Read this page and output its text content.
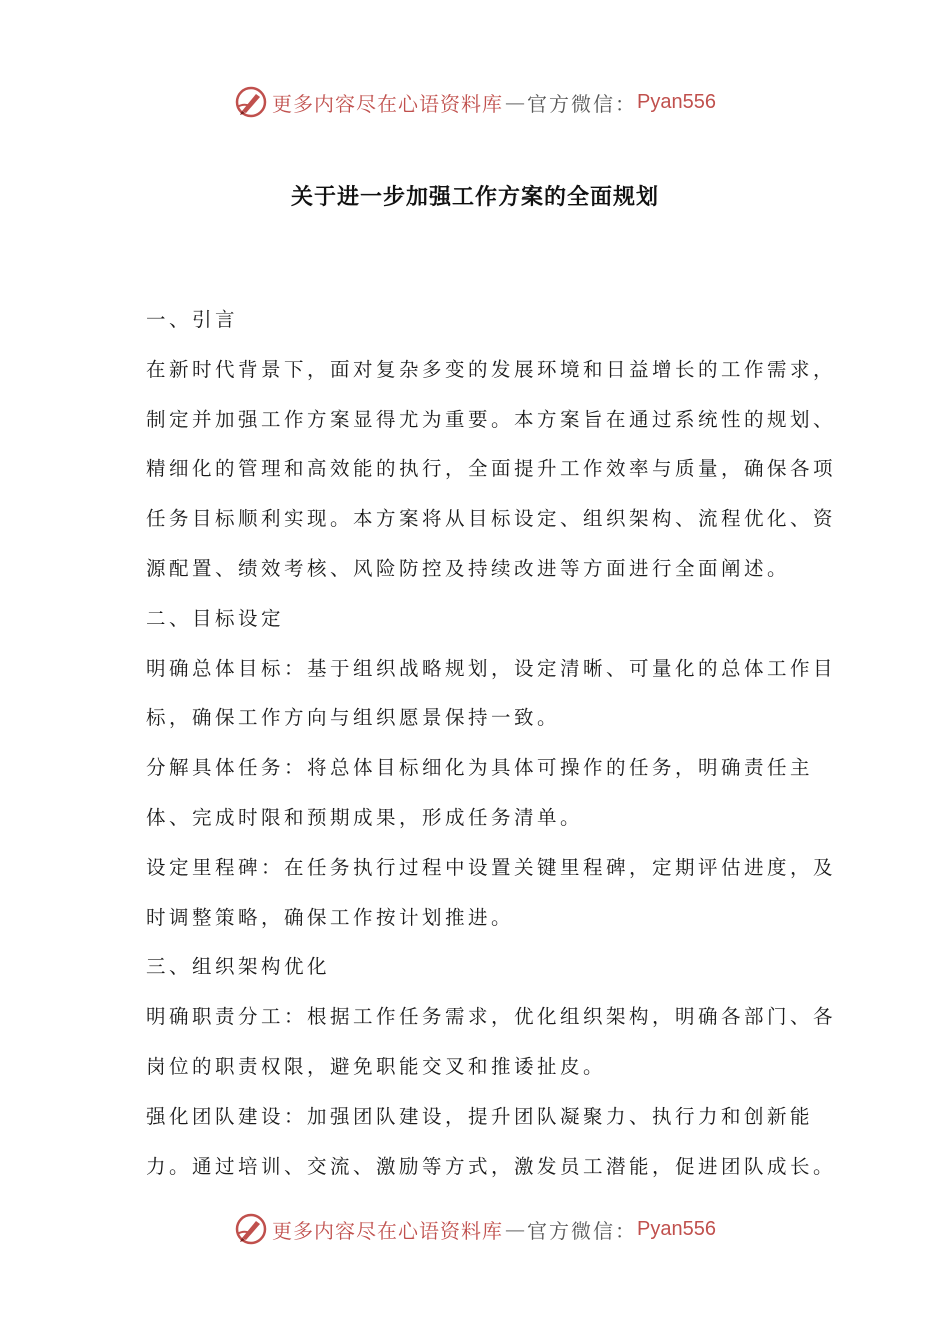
更多内容尽在心语资料库 — 官方微信： Pyan556
关于进一步加强工作方案的全面规划

一、引言

在新时代背景下，面对复杂多变的发展环境和日益增长的工作需求，制定并加强工作方案显得尤为重要。本方案旨在通过系统性的规划、精细化的管理和高效能的执行，全面提升工作效率与质量，确保各项任务目标顺利实现。本方案将从目标设定、组织架构、流程优化、资源配置、绩效考核、风险防控及持续改进等方面进行全面阐述。

二、目标设定

明确总体目标：基于组织战略规划，设定清晰、可量化的总体工作目标，确保工作方向与组织愿景保持一致。

分解具体任务：将总体目标细化为具体可操作的任务，明确责任主体、完成时限和预期成果，形成任务清单。

设定里程碑：在任务执行过程中设置关键里程碑，定期评估进度，及时调整策略，确保工作按计划推进。

三、组织架构优化

明确职责分工：根据工作任务需求，优化组织架构，明确各部门、各岗位的职责权限，避免职能交叉和推诿扯皮。

强化团队建设：加强团队建设，提升团队凝聚力、执行力和创新能力。通过培训、交流、激励等方式，激发员工潜能，促进团队成长。

更多内容尽在心语资料库 — 官方微信： Pyan556
